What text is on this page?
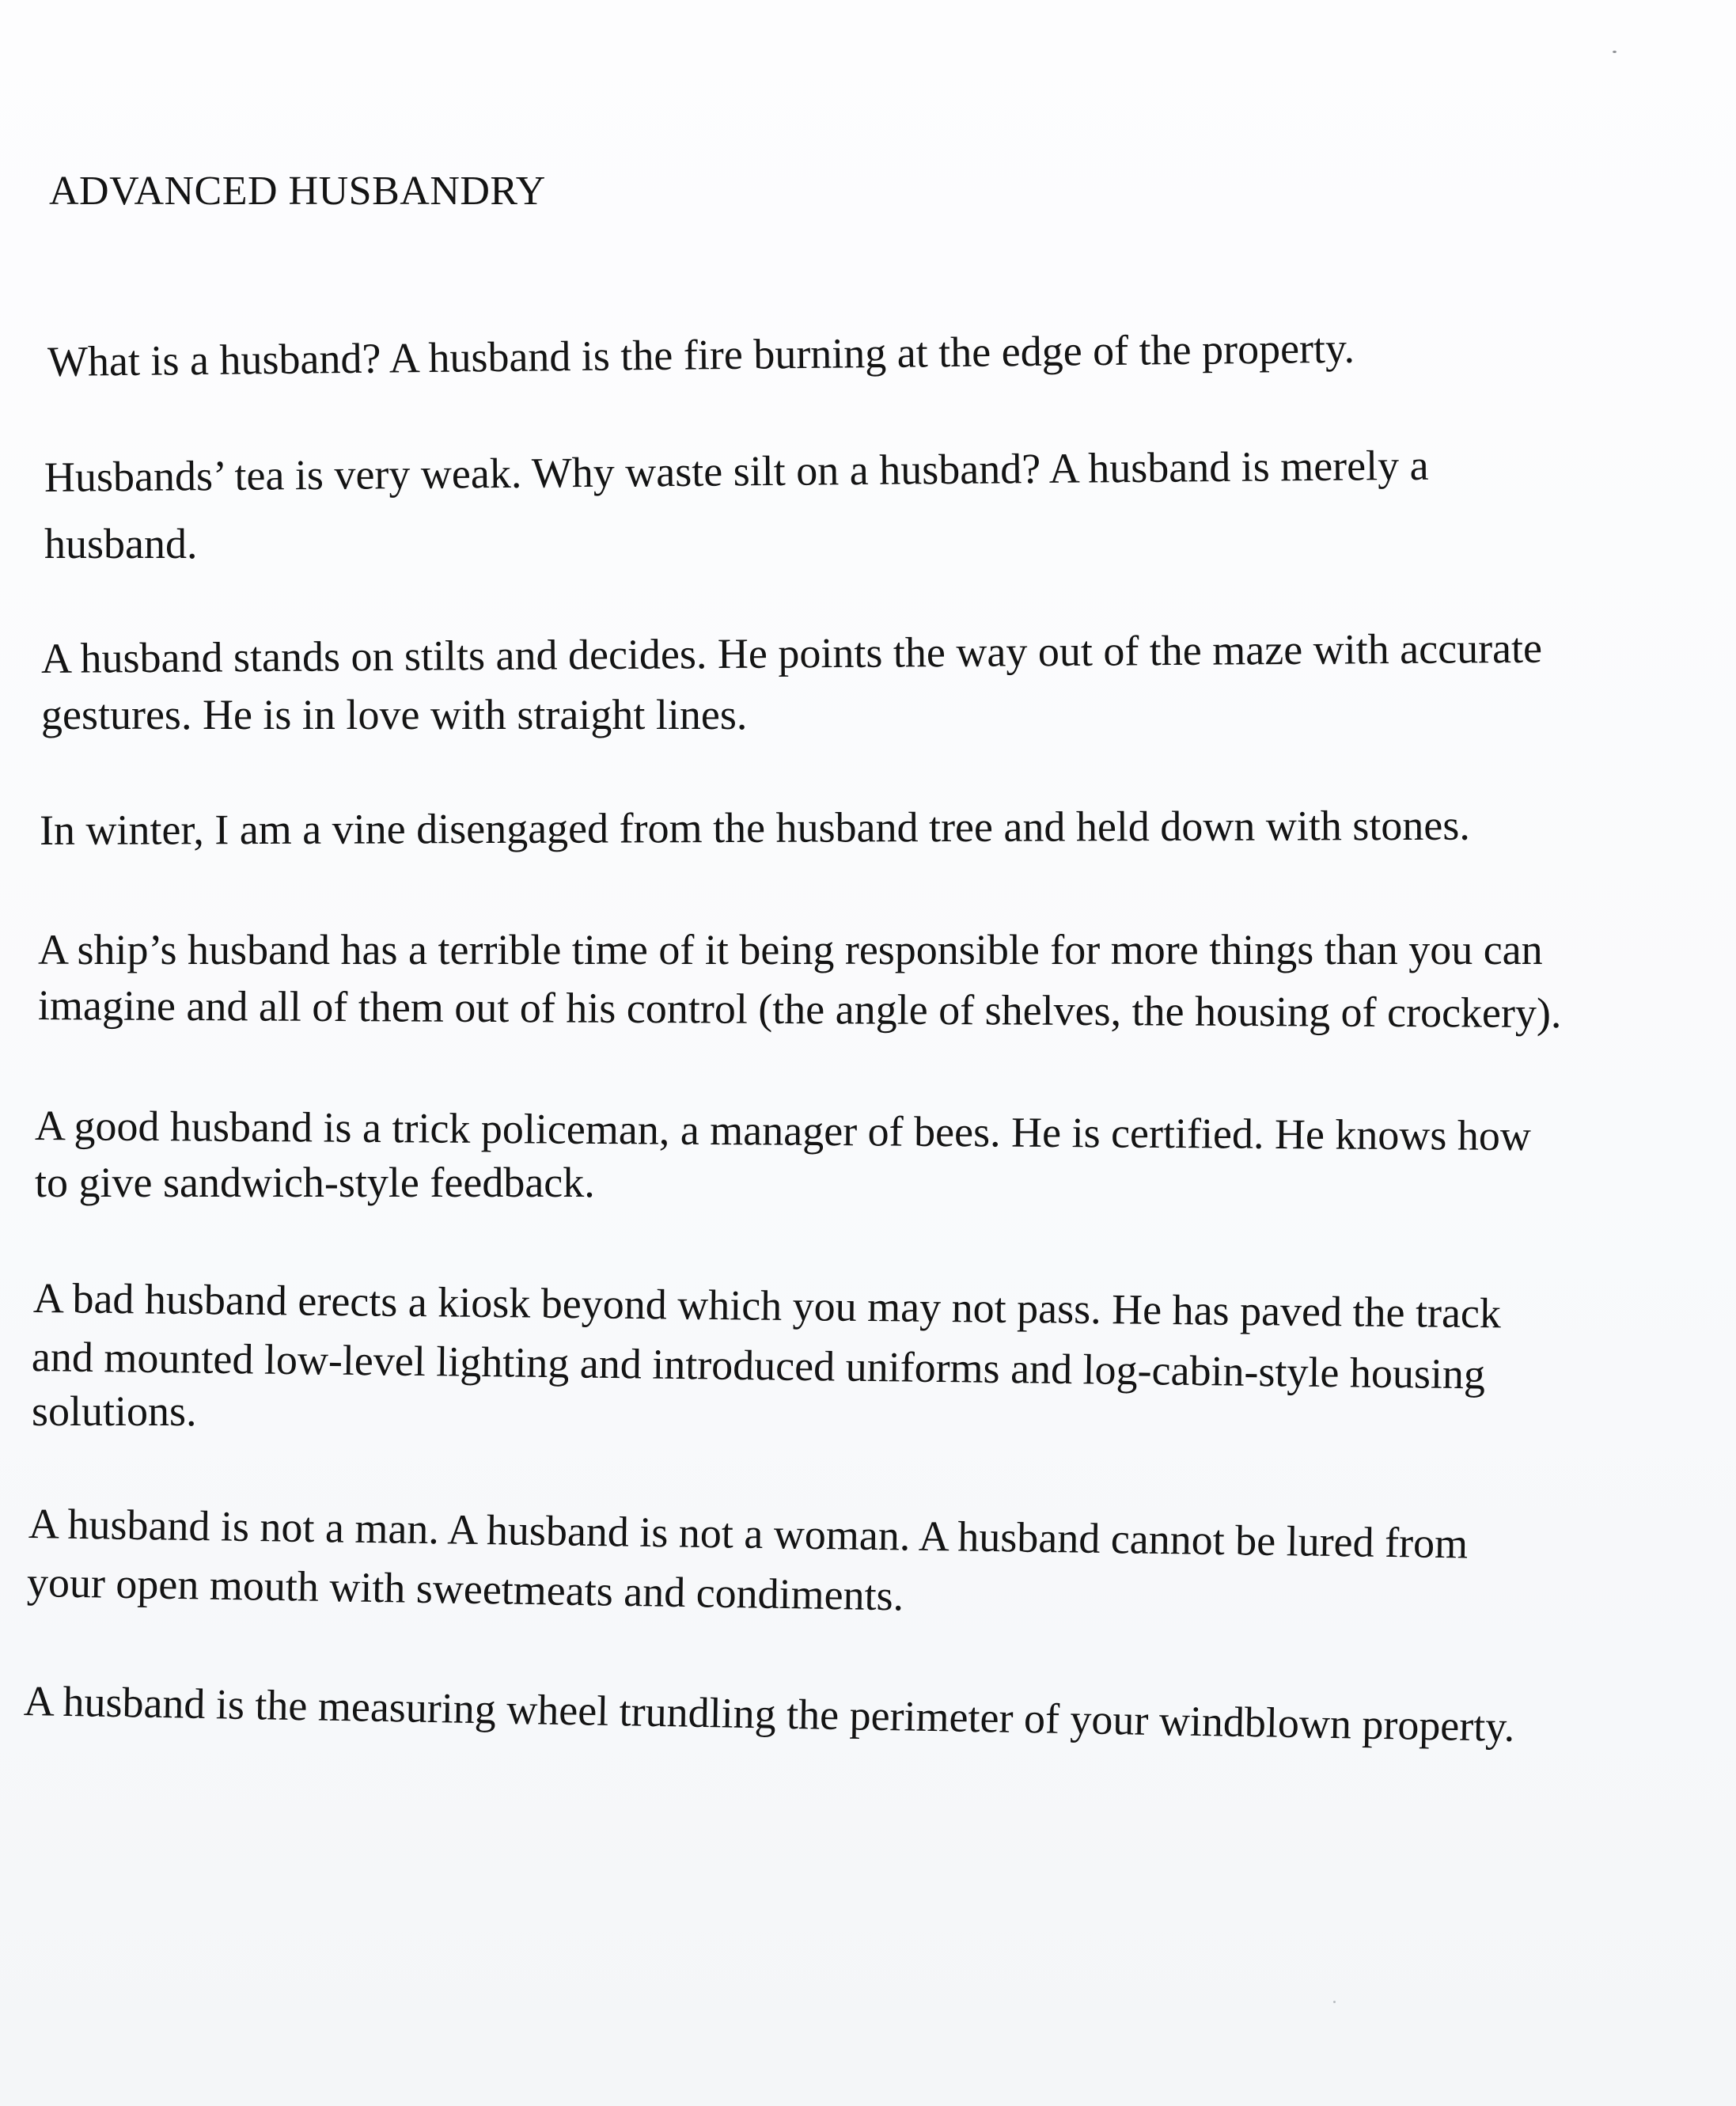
ADVANCED HUSBANDRY

What is a husband? A husband is the fire burning at the edge of the property.

Husbands’ tea is very weak. Why waste silt on a husband? A husband is merely a

husband.

A husband stands on stilts and decides. He points the way out of the maze with accurate

gestures. He is in love with straight lines.

In winter, I am a vine disengaged from the husband tree and held down with stones.

A ship’s husband has a terrible time of it being responsible for more things than you can

imagine and all of them out of his control (the angle of shelves, the housing of crockery).

A good husband is a trick policeman, a manager of bees. He is certified. He knows how

to give sandwich-style feedback.

A bad husband erects a kiosk beyond which you may not pass. He has paved the track

and mounted low-level lighting and introduced uniforms and log-cabin-style housing

solutions.

A husband is not a man. A husband is not a woman. A husband cannot be lured from

your open mouth with sweetmeats and condiments.

A husband is the measuring wheel trundling the perimeter of your windblown property.
